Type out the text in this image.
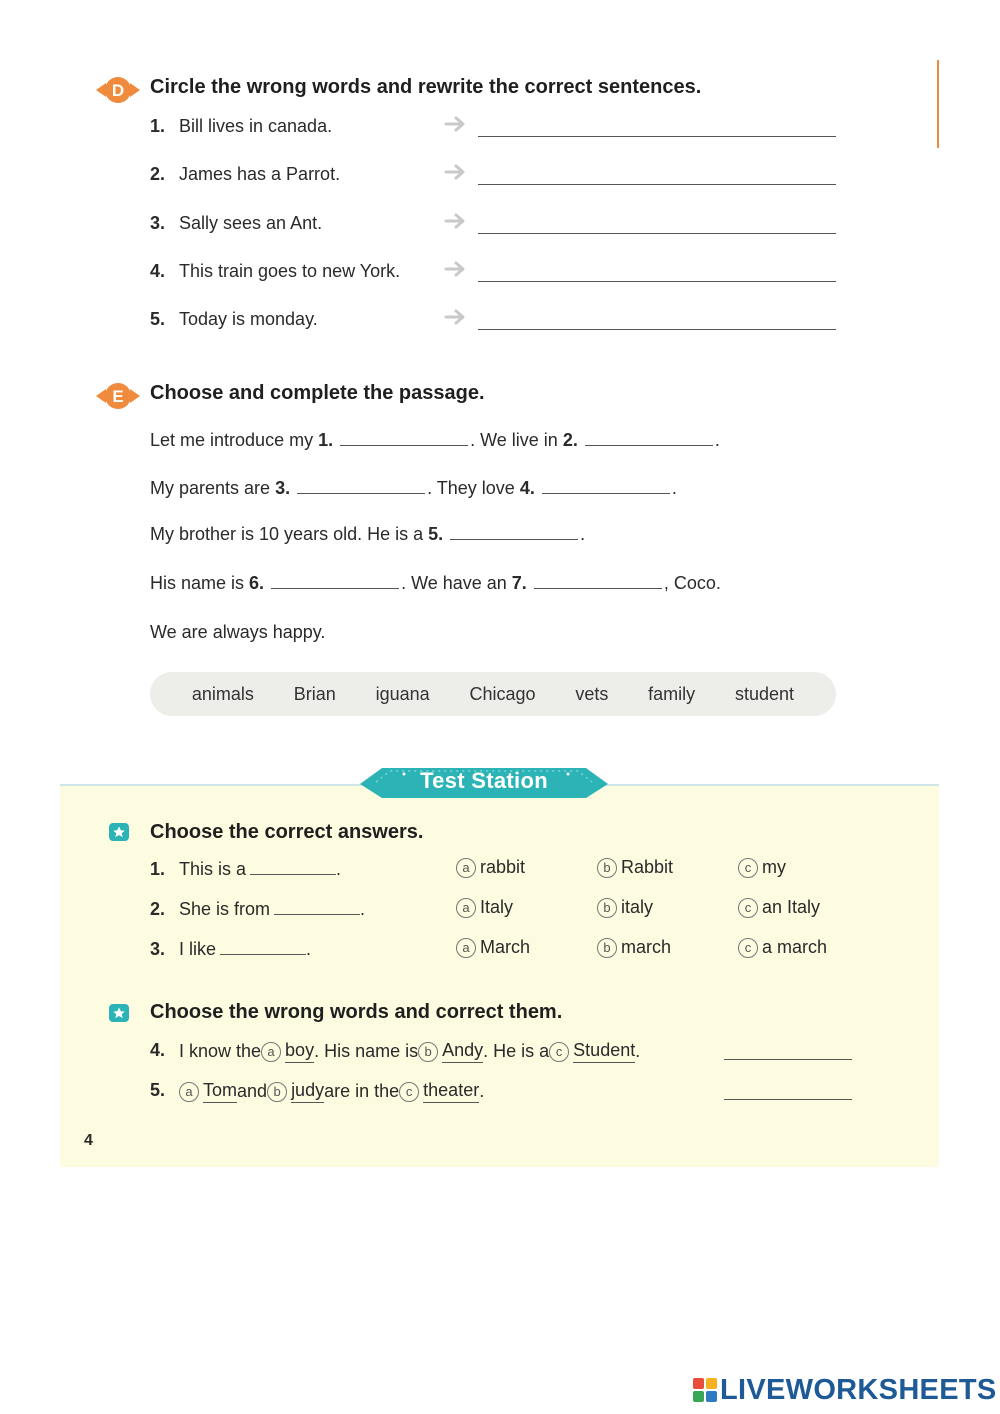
D Circle the wrong words and rewrite the correct sentences.
1. Bill lives in canada.
2. James has a Parrot.
3. Sally sees an Ant.
4. This train goes to new York.
5. Today is monday.
E Choose and complete the passage.
Let me introduce my 1.	. We live in 2.	.
My parents are 3.	. They love 4.	.
My brother is 10 years old. He is a 5.	.
His name is 6.	. We have an 7.	, Coco.
We are always happy.
animals Brian iguana Chicago vets family student
Test Station
Choose the correct answers.
1. This is a	.	a rabbit	b Rabbit	c my
2. She is from	.	a Italy	b italy	c an Italy
3. I like	.	a March	b march	c a march
Choose the wrong words and correct them.
4. I know the a boy . His name is b Andy . He is a c Student .
5.	a Tom and b judy are in the c theater .
4
LIVEWORKSHEETS
